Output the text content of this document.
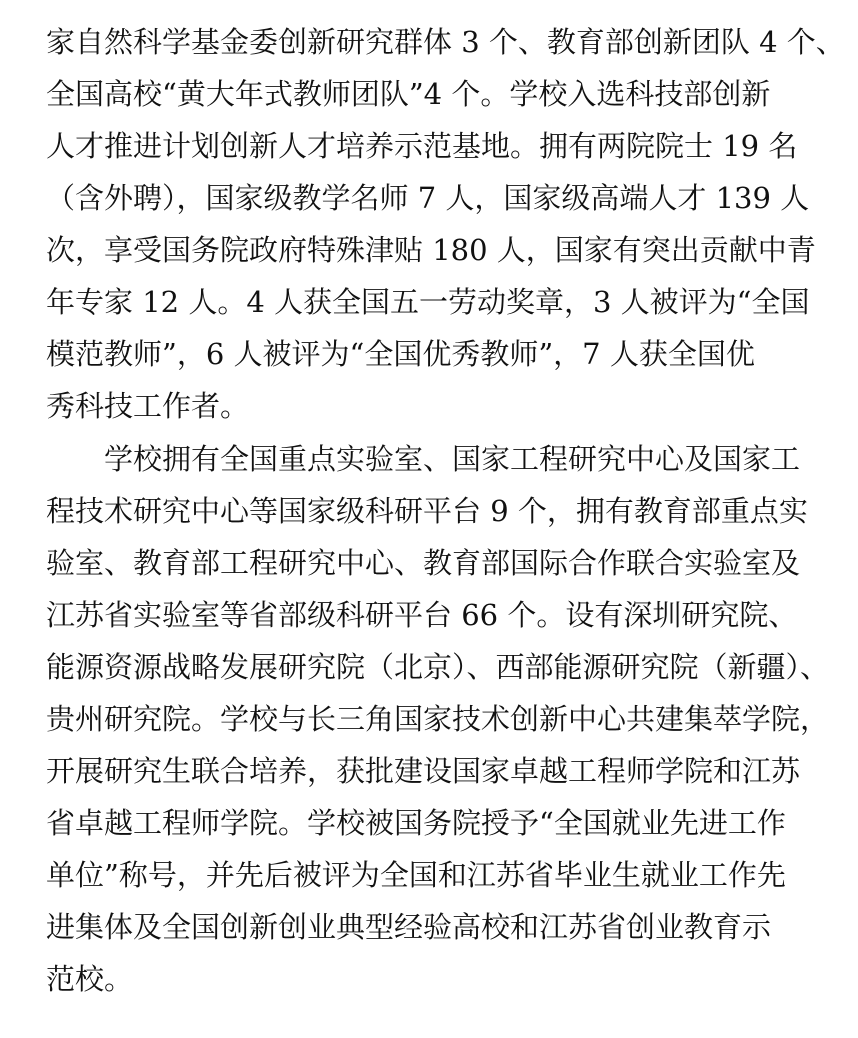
家自然科学基金委创新研究群体 3 个、教育部创新团队 4 个、
全国高校“黄大年式教师团队”4 个。学校入选科技部创新
人才推进计划创新人才培养示范基地。拥有两院院士 19 名
（含外聘），国家级教学名师 7 人，国家级高端人才 139 人
次，享受国务院政府特殊津贴 180 人，国家有突出贡献中青
年专家 12 人。4 人获全国五一劳动奖章，3 人被评为“全国
模范教师”，6 人被评为“全国优秀教师”，7 人获全国优
秀科技工作者。
学校拥有全国重点实验室、国家工程研究中心及国家工
程技术研究中心等国家级科研平台 9 个，拥有教育部重点实
验室、教育部工程研究中心、教育部国际合作联合实验室及
江苏省实验室等省部级科研平台 66 个。设有深圳研究院、
能源资源战略发展研究院（北京）、西部能源研究院（新疆）、
贵州研究院。学校与长三角国家技术创新中心共建集萃学院，
开展研究生联合培养，获批建设国家卓越工程师学院和江苏
省卓越工程师学院。学校被国务院授予“全国就业先进工作
单位”称号，并先后被评为全国和江苏省毕业生就业工作先
进集体及全国创新创业典型经验高校和江苏省创业教育示
范校。
